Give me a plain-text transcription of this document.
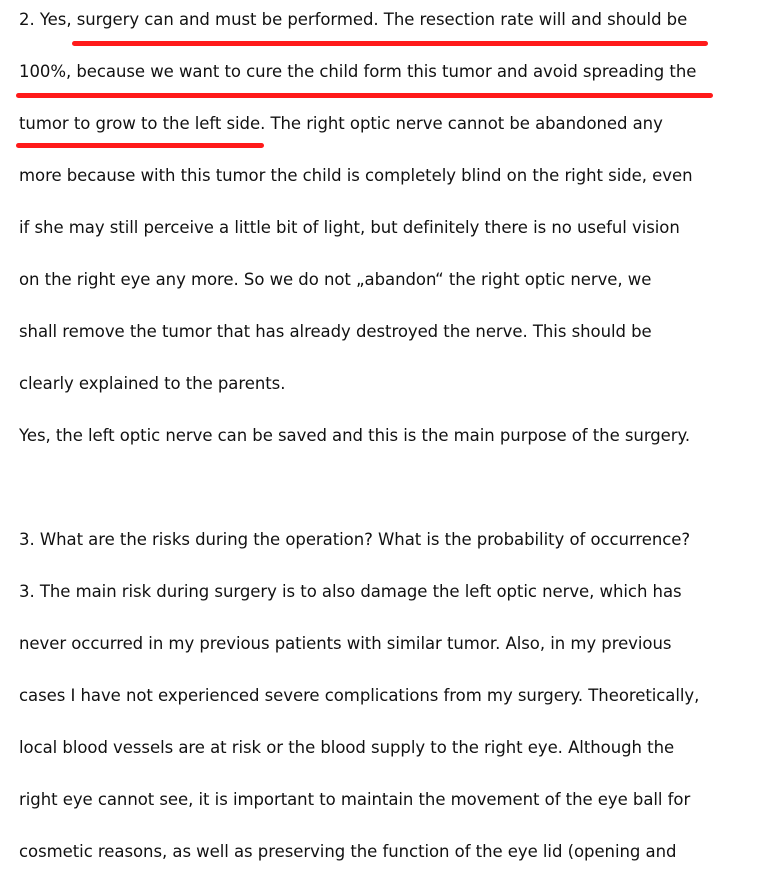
2. Yes, surgery can and must be performed. The resection rate will and should be
100%, because we want to cure the child form this tumor and avoid spreading the
tumor to grow to the left side. The right optic nerve cannot be abandoned any
more because with this tumor the child is completely blind on the right side, even
if she may still perceive a little bit of light, but definitely there is no useful vision
on the right eye any more. So we do not „abandon“ the right optic nerve, we
shall remove the tumor that has already destroyed the nerve. This should be
clearly explained to the parents.
Yes, the left optic nerve can be saved and this is the main purpose of the surgery.
3. What are the risks during the operation? What is the probability of occurrence?
3. The main risk during surgery is to also damage the left optic nerve, which has
never occurred in my previous patients with similar tumor. Also, in my previous
cases I have not experienced severe complications from my surgery. Theoretically,
local blood vessels are at risk or the blood supply to the right eye. Although the
right eye cannot see, it is important to maintain the movement of the eye ball for
cosmetic reasons, as well as preserving the function of the eye lid (opening and
